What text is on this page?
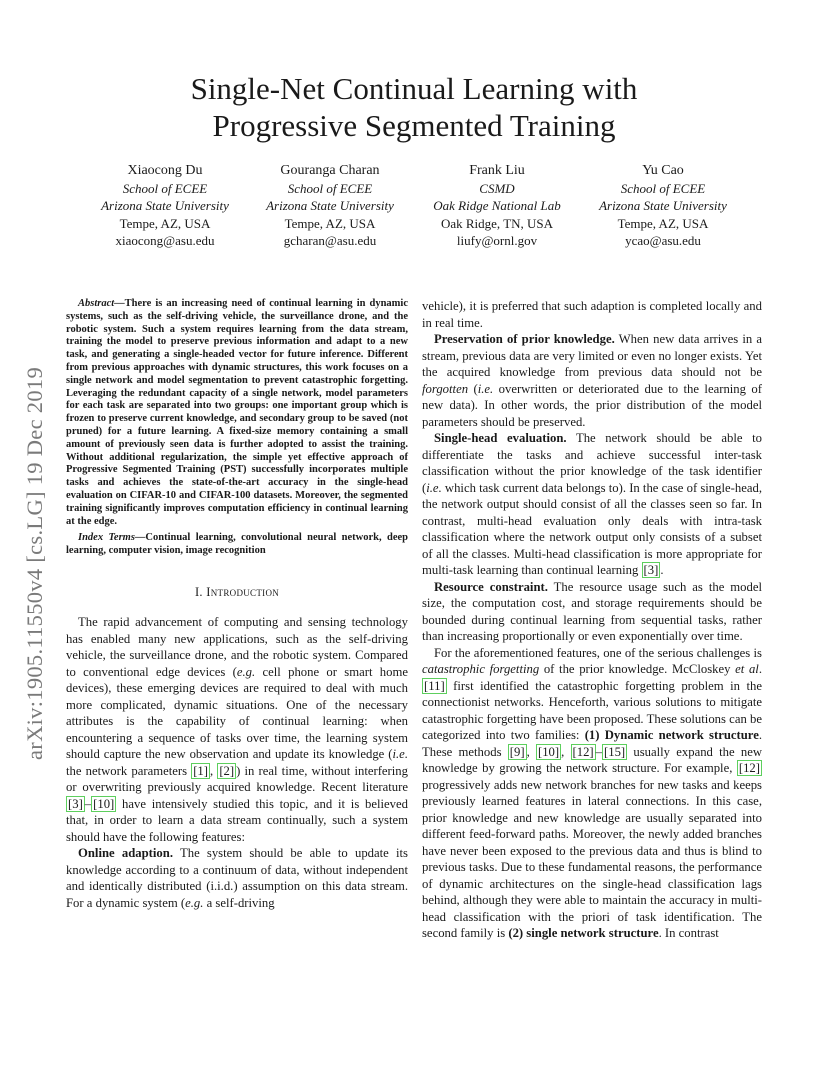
arXiv:1905.11550v4 [cs.LG] 19 Dec 2019
Single-Net Continual Learning with
Progressive Segmented Training
Xiaocong Du
School of ECEE
Arizona State University
Tempe, AZ, USA
xiaocong@asu.edu
Gouranga Charan
School of ECEE
Arizona State University
Tempe, AZ, USA
gcharan@asu.edu
Frank Liu
CSMD
Oak Ridge National Lab
Oak Ridge, TN, USA
liufy@ornl.gov
Yu Cao
School of ECEE
Arizona State University
Tempe, AZ, USA
ycao@asu.edu

Abstract—There is an increasing need of continual learning in dynamic systems, such as the self-driving vehicle, the surveillance drone, and the robotic system. Such a system requires learning from the data stream, training the model to preserve previous information and adapt to a new task, and generating a single-headed vector for future inference. Different from previous approaches with dynamic structures, this work focuses on a single network and model segmentation to prevent catastrophic forgetting. Leveraging the redundant capacity of a single network, model parameters for each task are separated into two groups: one important group which is frozen to preserve current knowledge, and secondary group to be saved (not pruned) for a future learning. A fixed-size memory containing a small amount of previously seen data is further adopted to assist the training. Without additional regularization, the simple yet effective approach of Progressive Segmented Training (PST) successfully incorporates multiple tasks and achieves the state-of-the-art accuracy in the single-head evaluation on CIFAR-10 and CIFAR-100 datasets. Moreover, the segmented training significantly improves computation efficiency in continual learning at the edge.

Index Terms—Continual learning, convolutional neural network, deep learning, computer vision, image recognition

I. Introduction

The rapid advancement of computing and sensing technology has enabled many new applications, such as the self-driving vehicle, the surveillance drone, and the robotic system. Compared to conventional edge devices (e.g. cell phone or smart home devices), these emerging devices are required to deal with much more complicated, dynamic situations. One of the necessary attributes is the capability of continual learning: when encountering a sequence of tasks over time, the learning system should capture the new observation and update its knowledge (i.e. the network parameters [1] , [2] ) in real time, without interfering or overwriting previously acquired knowledge. Recent literature [3] – [10] have intensively studied this topic, and it is believed that, in order to learn a data stream continually, such a system should have the following features:

Online adaption. The system should be able to update its knowledge according to a continuum of data, without independent and identically distributed (i.i.d.) assumption on this data stream. For a dynamic system (e.g. a self-driving

vehicle), it is preferred that such adaption is completed locally and in real time.

Preservation of prior knowledge. When new data arrives in a stream, previous data are very limited or even no longer exists. Yet the acquired knowledge from previous data should not be forgotten (i.e. overwritten or deteriorated due to the learning of new data). In other words, the prior distribution of the model parameters should be preserved.

Single-head evaluation. The network should be able to differentiate the tasks and achieve successful inter-task classification without the prior knowledge of the task identifier (i.e. which task current data belongs to). In the case of single-head, the network output should consist of all the classes seen so far. In contrast, multi-head evaluation only deals with intra-task classification where the network output only consists of a subset of all the classes. Multi-head classification is more appropriate for multi-task learning than continual learning [3] .

Resource constraint. The resource usage such as the model size, the computation cost, and storage requirements should be bounded during continual learning from sequential tasks, rather than increasing proportionally or even exponentially over time.

For the aforementioned features, one of the serious challenges is catastrophic forgetting of the prior knowledge. McCloskey et al. [11] first identified the catastrophic forgetting problem in the connectionist networks. Henceforth, various solutions to mitigate catastrophic forgetting have been proposed. These solutions can be categorized into two families: (1) Dynamic network structure. These methods [9] , [10] , [12] – [15] usually expand the new knowledge by growing the network structure. For example, [12] progressively adds new network branches for new tasks and keeps previously learned features in lateral connections. In this case, prior knowledge and new knowledge are usually separated into different feed-forward paths. Moreover, the newly added branches have never been exposed to the previous data and thus is blind to previous tasks. Due to these fundamental reasons, the performance of dynamic architectures on the single-head classification lags behind, although they were able to maintain the accuracy in multi-head classification with the priori of task identification. The second family is (2) single network structure. In contrast
